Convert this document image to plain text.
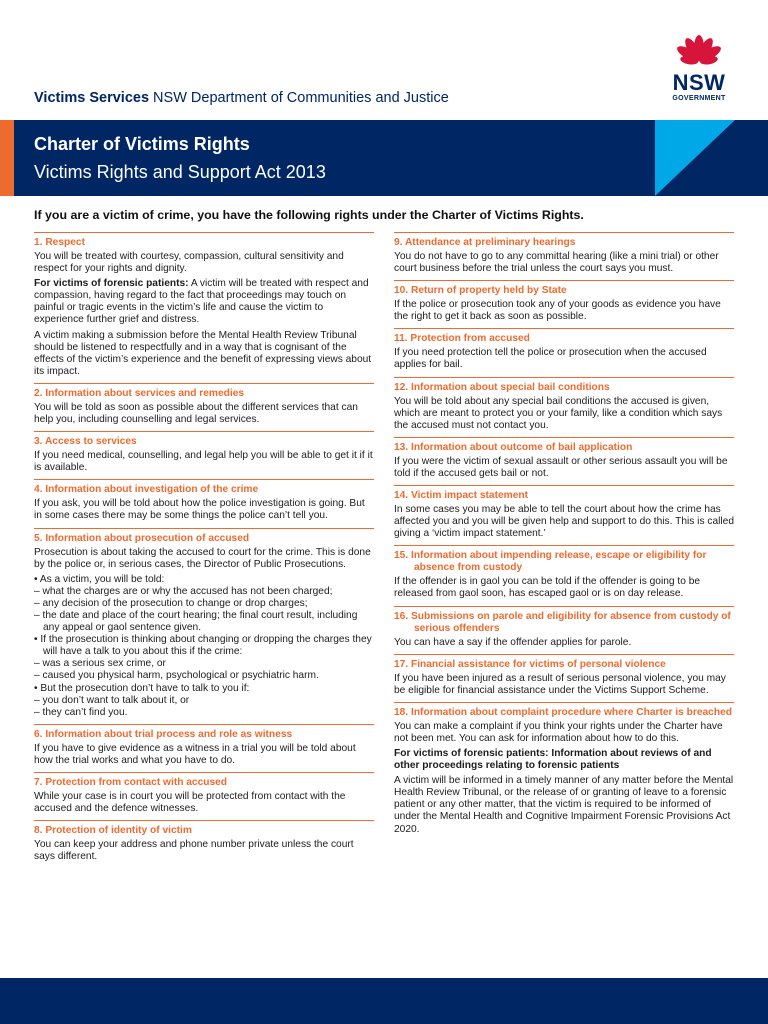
Victims Services NSW Department of Communities and Justice
NSW
GOVERNMENT
Charter of Victims Rights
Victims Rights and Support Act 2013
If you are a victim of crime, you have the following rights under the Charter of Victims Rights.
1. Respect
You will be treated with courtesy, compassion, cultural sensitivity and respect for your rights and dignity.
For victims of forensic patients: A victim will be treated with respect and compassion, having regard to the fact that proceedings may touch on painful or tragic events in the victim’s life and cause the victim to experience further grief and distress.
A victim making a submission before the Mental Health Review Tribunal should be listened to respectfully and in a way that is cognisant of the effects of the victim’s experience and the benefit of expressing views about its impact.
2. Information about services and remedies
You will be told as soon as possible about the different services that can help you, including counselling and legal services.
3. Access to services
If you need medical, counselling, and legal help you will be able to get it if it is available.
4. Information about investigation of the crime
If you ask, you will be told about how the police investigation is going. But in some cases there may be some things the police can’t tell you.
5. Information about prosecution of accused
Prosecution is about taking the accused to court for the crime. This is done by the police or, in serious cases, the Director of Public Prosecutions.
• As a victim, you will be told:
– what the charges are or why the accused has not been charged;
– any decision of the prosecution to change or drop charges;
– the date and place of the court hearing; the final court result, including any appeal or gaol sentence given.
• If the prosecution is thinking about changing or dropping the charges they will have a talk to you about this if the crime:
– was a serious sex crime, or
– caused you physical harm, psychological or psychiatric harm.
• But the prosecution don’t have to talk to you if:
– you don’t want to talk about it, or
– they can’t find you.
6. Information about trial process and role as witness
If you have to give evidence as a witness in a trial you will be told about how the trial works and what you have to do.
7. Protection from contact with accused
While your case is in court you will be protected from contact with the accused and the defence witnesses.
8. Protection of identity of victim
You can keep your address and phone number private unless the court says different.
9. Attendance at preliminary hearings
You do not have to go to any committal hearing (like a mini trial) or other court business before the trial unless the court says you must.
10. Return of property held by State
If the police or prosecution took any of your goods as evidence you have the right to get it back as soon as possible.
11. Protection from accused
If you need protection tell the police or prosecution when the accused applies for bail.
12. Information about special bail conditions
You will be told about any special bail conditions the accused is given, which are meant to protect you or your family, like a condition which says the accused must not contact you.
13. Information about outcome of bail application
If you were the victim of sexual assault or other serious assault you will be told if the accused gets bail or not.
14. Victim impact statement
In some cases you may be able to tell the court about how the crime has affected you and you will be given help and support to do this. This is called giving a ‘victim impact statement.’
15. Information about impending release, escape or eligibility for absence from custody
If the offender is in gaol you can be told if the offender is going to be released from gaol soon, has escaped gaol or is on day release.
16. Submissions on parole and eligibility for absence from custody of serious offenders
You can have a say if the offender applies for parole.
17. Financial assistance for victims of personal violence
If you have been injured as a result of serious personal violence, you may be eligible for financial assistance under the Victims Support Scheme.
18. Information about complaint procedure where Charter is breached
You can make a complaint if you think your rights under the Charter have not been met. You can ask for information about how to do this.
For victims of forensic patients: Information about reviews of and other proceedings relating to forensic patients
A victim will be informed in a timely manner of any matter before the Mental Health Review Tribunal, or the release of or granting of leave to a forensic patient or any other matter, that the victim is required to be informed of under the Mental Health and Cognitive Impairment Forensic Provisions Act 2020.
